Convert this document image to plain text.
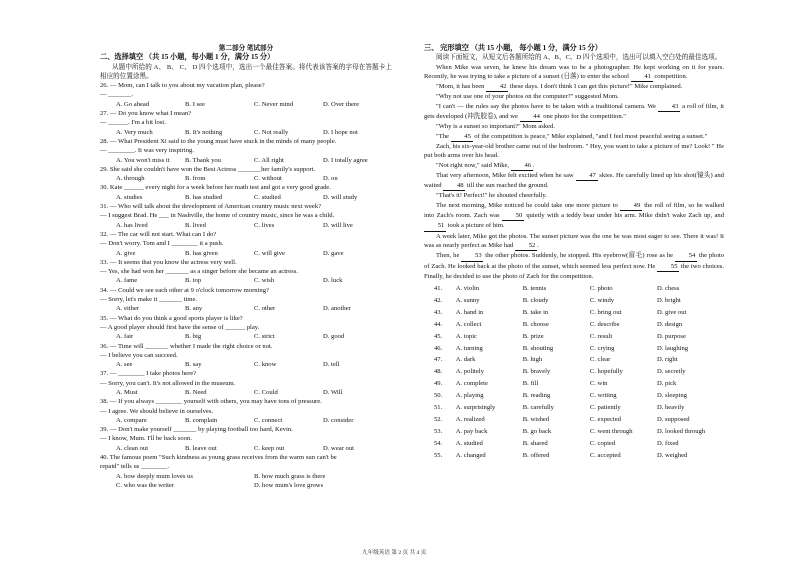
第二部分 笔试部分
二、选择填空 （共 15 小题，每小题 1 分，满分 15 分）
从题中所给的 A、 B、 C、 D 四个选项中，选出一个最佳答案。将代表该答案的字母在答题卡上相应的位置涂黑。
26. — Mom, can I talk to you about my vacation plan, please?
— _______.
A. Go ahead	B. I see	C. Never mind	D. Over there
27. — Do you know what I mean?
— ______. I'm a bit lost.
A. Very much	B. It's nothing	C. Not really	D. I hope not
28. — What President Xi said to the young must have stuck in the minds of many people.
— ________. It was very inspiring.
A. You won't miss it	B. Thank you	C. All right	D. I totally agree
29. She said she couldn't have won the Best Actress _______her family's support.
A. through	B. from	C. without	D. on
30. Kate ______ every night for a week before her math test and got a very good grade.
A. studies	B. has studied	C. studied	D. will study
31. — Who will talk about the development of American country music next week?
— I suggest Brad. He ___ in Nashville, the home of country music, since he was a child.
A. has lived	B. lived	C. lives	D. will live
32. — The car will not start. What can I do?
— Don't worry. Tom and I ________ it a push.
A. give	B. has given	C. will give	D. gave
33. — It seems that you know the actress very well.
— Yes, she had won her _______ as a singer before she became an actress.
A. fame	B. top	C. wish	D. luck
34. — Could we see each other at 9 o'clock tomorrow morning?
— Sorry, let's make it _______ time.
A. either	B. any	C. other	D. another
35. — What do you think a good sports player is like?
— A good player should first have the sense of ______ play.
A. fair	B. big	C. strict	D. good
36. — Time will _______ whether I made the right choice or not.
— I believe you can succeed.
A. see	B. say	C. know	D. tell
37. — ________ I take photos here?
— Sorry, you can't. It's not allowed in the museum.
A. Must	B. Need	C. Could	D. Will
38. — If you always ________ yourself with others, you may have tons of pressure.
— I agree. We should believe in ourselves.
A. compare	B. complain	C. connect	D. consider
39. — Don't make yourself _______ by playing football too hard, Kevin.
— I know, Mum. I'll be back soon.
A. clean out	B. leave out	C. keep out	D. wear out
40. The famous poem "Such kindness as young grass receives from the warm sun can't be
repaid" tells us ________.
A. how deeply mum loves us	B. how much grass is there
C. who was the writer	D. how mum's love grows
三、 完形填空 （共 15 小题， 每小题 1 分，满分 15 分）
阅读下面短文，从短文后各题所给的 A、B、C、D 四个选项中，选出可以填入空白处的最佳选项。
When Mike was seven, he knew his dream was to be a photographer. He kept working on it for years. Recently, he was trying to take a picture of a sunset (日落) to enter the school 41 competition.
"Mom, it has been 42 these days. I don't think I can get this picture!" Mike complained.
"Why not use one of your photos on the computer?" suggested Mom.
"I can't — the rules say the photos have to be taken with a traditional camera. We 43 a roll of film, it gets developed (冲洗胶卷), and we 44 one photo for the competition."
"Why is a sunset so important?" Mom asked.
"The 45 of the competition is peace," Mike explained, "and I feel most peaceful seeing a sunset."
Zach, his six-year-old brother came out of the bedroom. " Hey, you want to take a picture of me? Look! " He put both arms over his head.
"Not right now," said Mike, 46 .
That very afternoon, Mike felt excited when he saw 47 skies. He carefully lined up his shot(镜头) and waited 48 till the sun reached the ground.
"That's it! Perfect!" he shouted cheerfully.
The next morning, Mike noticed he could take one more picture to 49 the roll of film, so he walked into Zach's room. Zach was 50 quietly with a teddy bear under his arm. Mike didn't wake Zach up, and 51 took a picture of him.
A week later, Mike got the photos. The sunset picture was the one he was most eager to see. There it was! It was as nearly perfect as Mike had 52 .
Then, he 53 the other photos. Suddenly, he stopped. His eyebrow(眉毛) rose as he 54 the photo of Zach. He looked back at the photo of the sunset, which seemed less perfect now. He 55 the two choices. Finally, he decided to use the photo of Zach for the competition.
41.	A. violin	B. tennis	C. photo	D. chess
42.	A. sunny	B. cloudy	C. windy	D. bright
43.	A. hand in	B. take in	C. bring out	D. give out
44.	A. collect	B. choose	C. describe	D. design
45.	A. topic	B. prize	C. result	D. purpose
46.	A. turning	B. shouting	C. crying	D. laughing
47.	A. dark	B. high	C. clear	D. right
48.	A. politely	B. bravely	C. hopefully	D. secretly
49.	A. complete	B. fill	C. win	D. pick
50.	A. playing	B. reading	C. writing	D. sleeping
51.	A. surprisingly	B. carefully	C. patiently	D. heavily
52.	A. realized	B. wished	C. expected	D. supposed
53.	A. pay back	B. go back	C. went through	D. looked through
54.	A. studied	B. shared	C. copied	D. fixed
55.	A. changed	B. offered	C. accepted	D. weighed
九年级英语 第 2 页 共 4 页
